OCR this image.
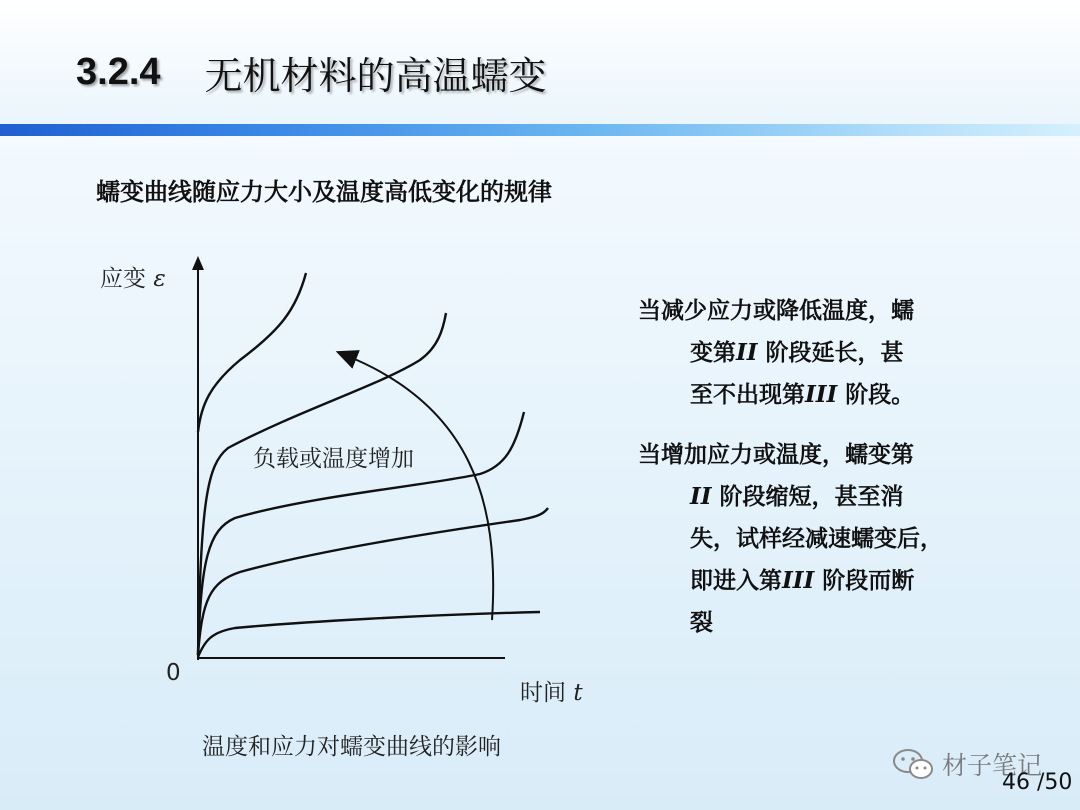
3.2.4 无机材料的高温蠕变
蠕变曲线随应力大小及温度高低变化的规律
应变 ε
0
时间 t
负载或温度增加
温度和应力对蠕变曲线的影响

当减少应力或降低温度，蠕

变第II 阶段延长，甚

至不出现第III 阶段。

当增加应力或温度，蠕变第

II 阶段缩短，甚至消

失，试样经减速蠕变后，

即进入第III 阶段而断

裂

材子笔记
46 /50
